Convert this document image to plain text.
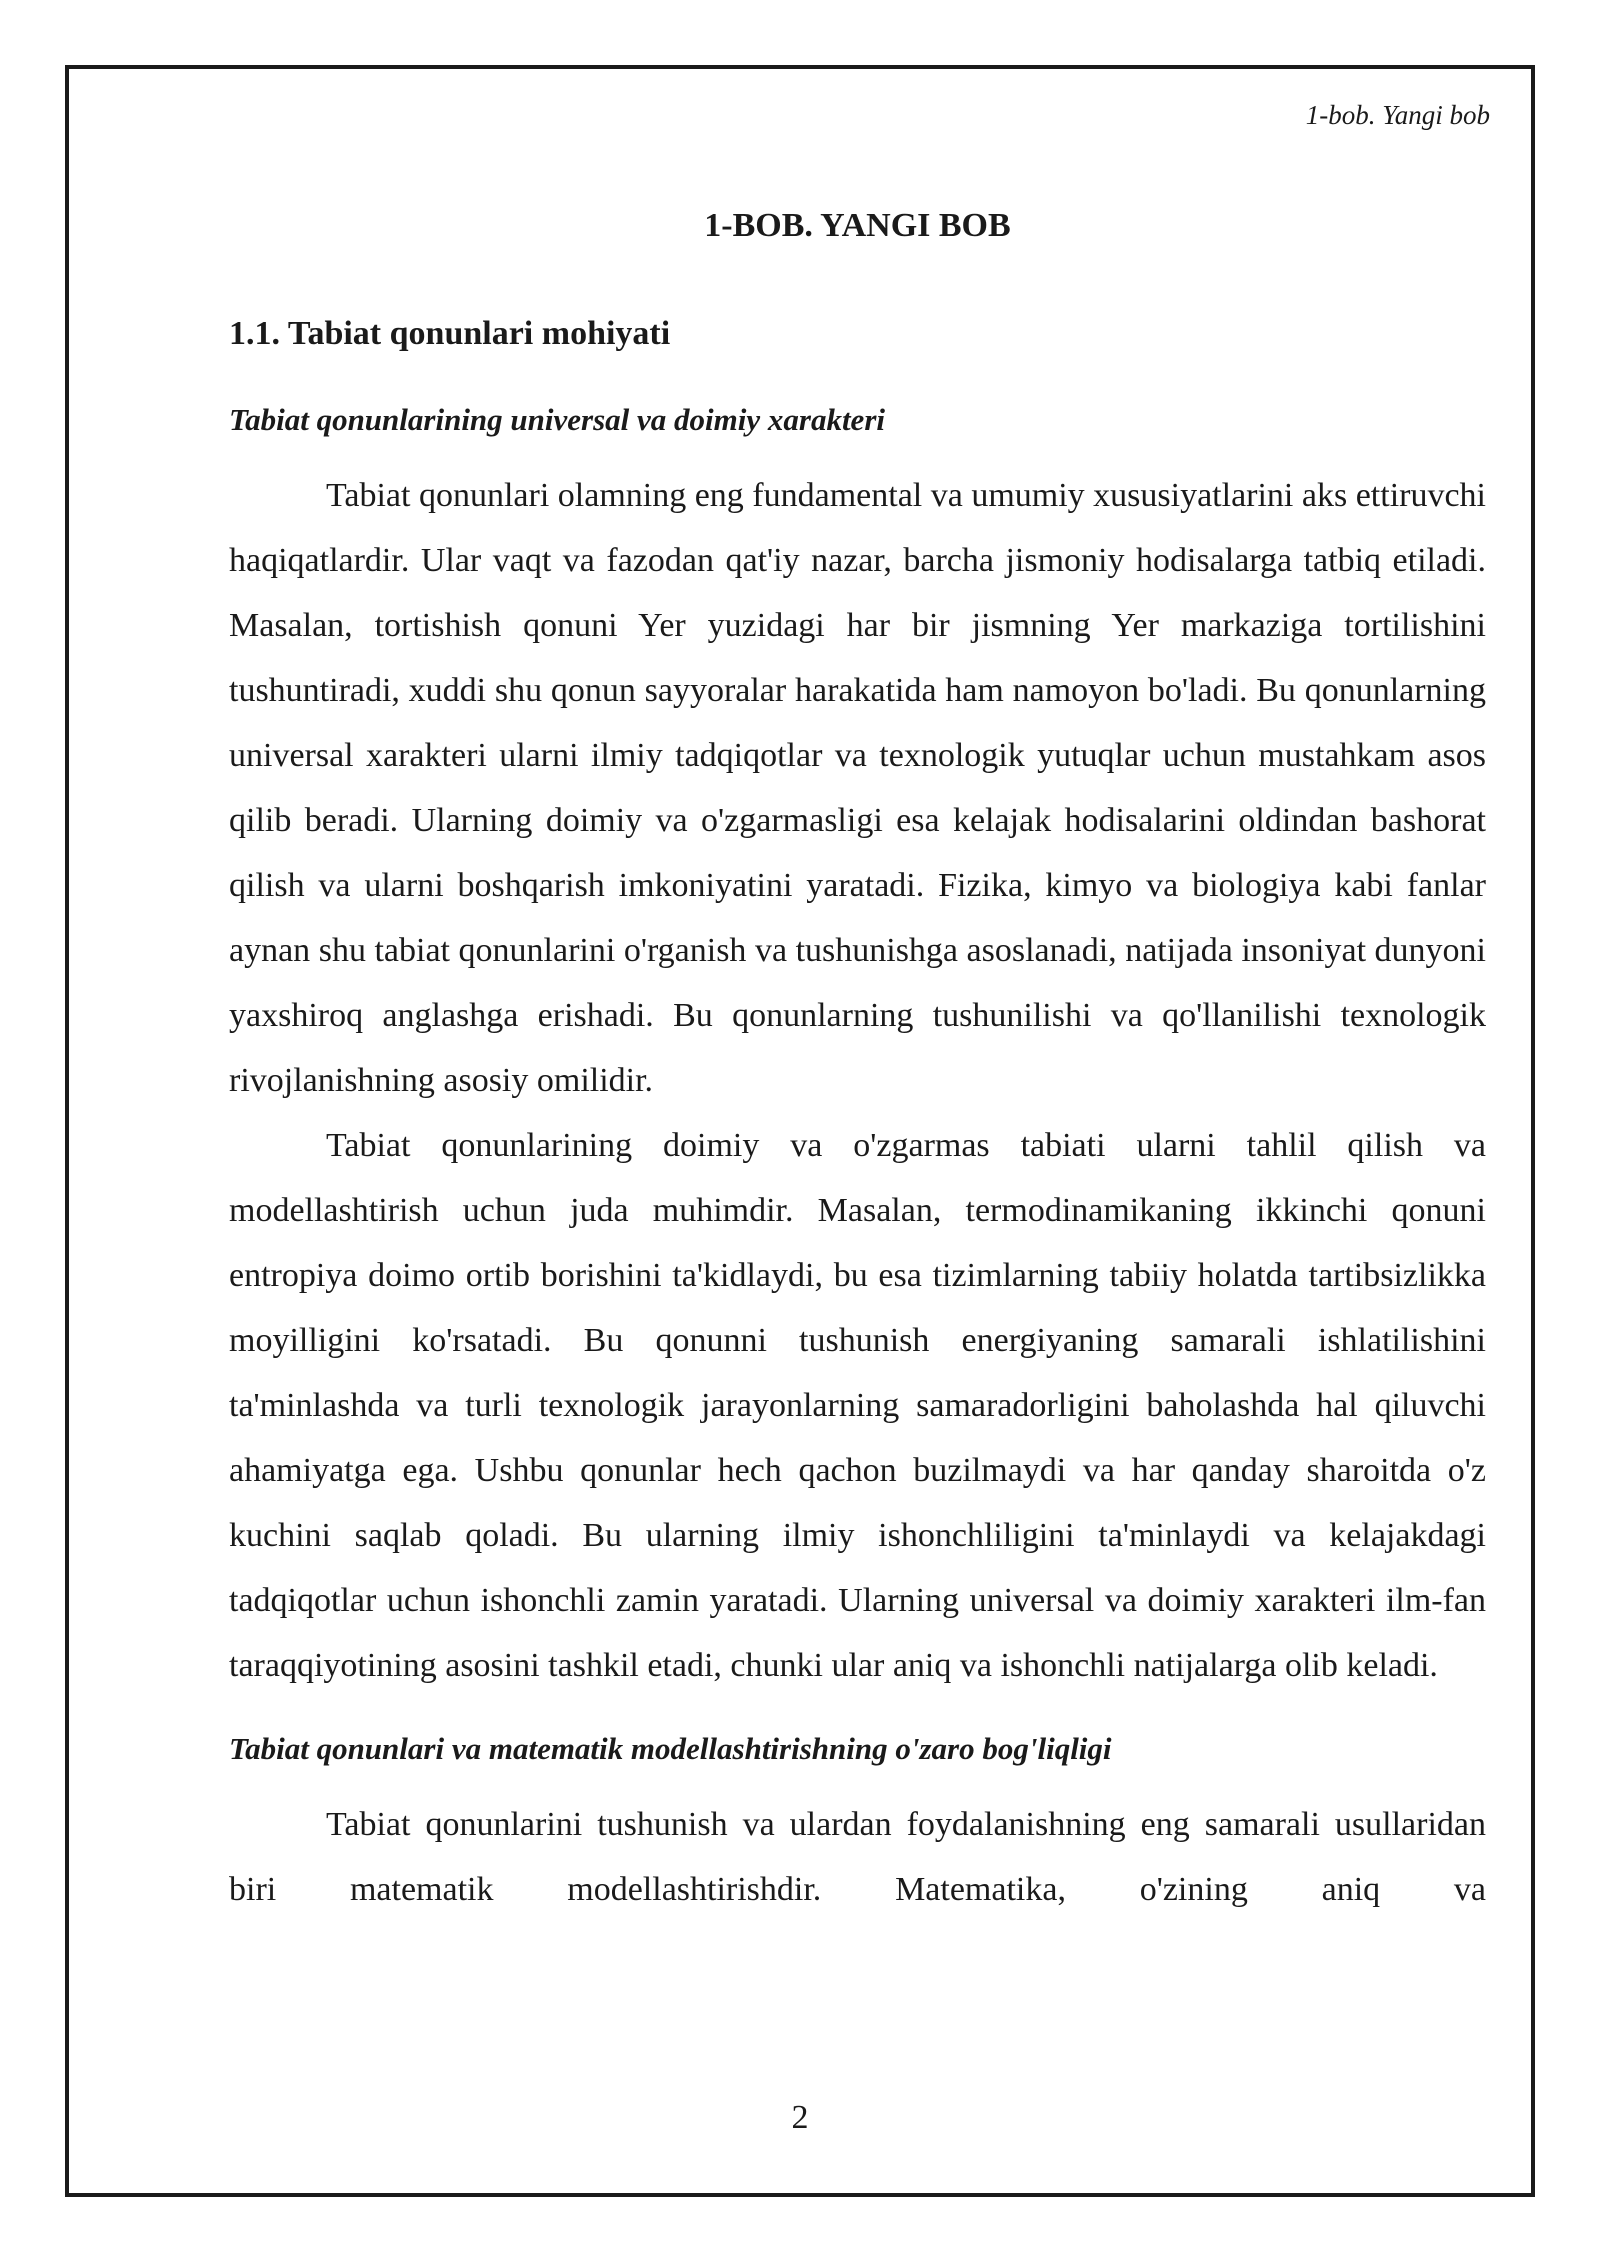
1-bob. Yangi bob
1-BOB. YANGI BOB
1.1. Tabiat qonunlari mohiyati
Tabiat qonunlarining universal va doimiy xarakteri

Tabiat qonunlari olamning eng fundamental va umumiy xususiyatlarini aks ettiruvchi haqiqatlardir. Ular vaqt va fazodan qat'iy nazar, barcha jismoniy hodisalarga tatbiq etiladi. Masalan, tortishish qonuni Yer yuzidagi har bir jismning Yer markaziga tortilishini tushuntiradi, xuddi shu qonun sayyoralar harakatida ham namoyon bo'ladi. Bu qonunlarning universal xarakteri ularni ilmiy tadqiqotlar va texnologik yutuqlar uchun mustahkam asos qilib beradi. Ularning doimiy va o'zgarmasligi esa kelajak hodisalarini oldindan bashorat qilish va ularni boshqarish imkoniyatini yaratadi. Fizika, kimyo va biologiya kabi fanlar aynan shu tabiat qonunlarini o'rganish va tushunishga asoslanadi, natijada insoniyat dunyoni yaxshiroq anglashga erishadi. Bu qonunlarning tushunilishi va qo'llanilishi texnologik rivojlanishning asosiy omilidir.

Tabiat qonunlarining doimiy va o'zgarmas tabiati ularni tahlil qilish va modellashtirish uchun juda muhimdir. Masalan, termodinamikaning ikkinchi qonuni entropiya doimo ortib borishini ta'kidlaydi, bu esa tizimlarning tabiiy holatda tartibsizlikka moyilligini ko'rsatadi. Bu qonunni tushunish energiyaning samarali ishlatilishini ta'minlashda va turli texnologik jarayonlarning samaradorligini baholashda hal qiluvchi ahamiyatga ega. Ushbu qonunlar hech qachon buzilmaydi va har qanday sharoitda o'z kuchini saqlab qoladi. Bu ularning ilmiy ishonchliligini ta'minlaydi va kelajakdagi tadqiqotlar uchun ishonchli zamin yaratadi. Ularning universal va doimiy xarakteri ilm-fan taraqqiyotining asosini tashkil etadi, chunki ular aniq va ishonchli natijalarga olib keladi.

Tabiat qonunlari va matematik modellashtirishning o'zaro bog'liqligi

Tabiat qonunlarini tushunish va ulardan foydalanishning eng samarali usullaridan biri matematik modellashtirishdir. Matematika, o'zining aniq va

2
